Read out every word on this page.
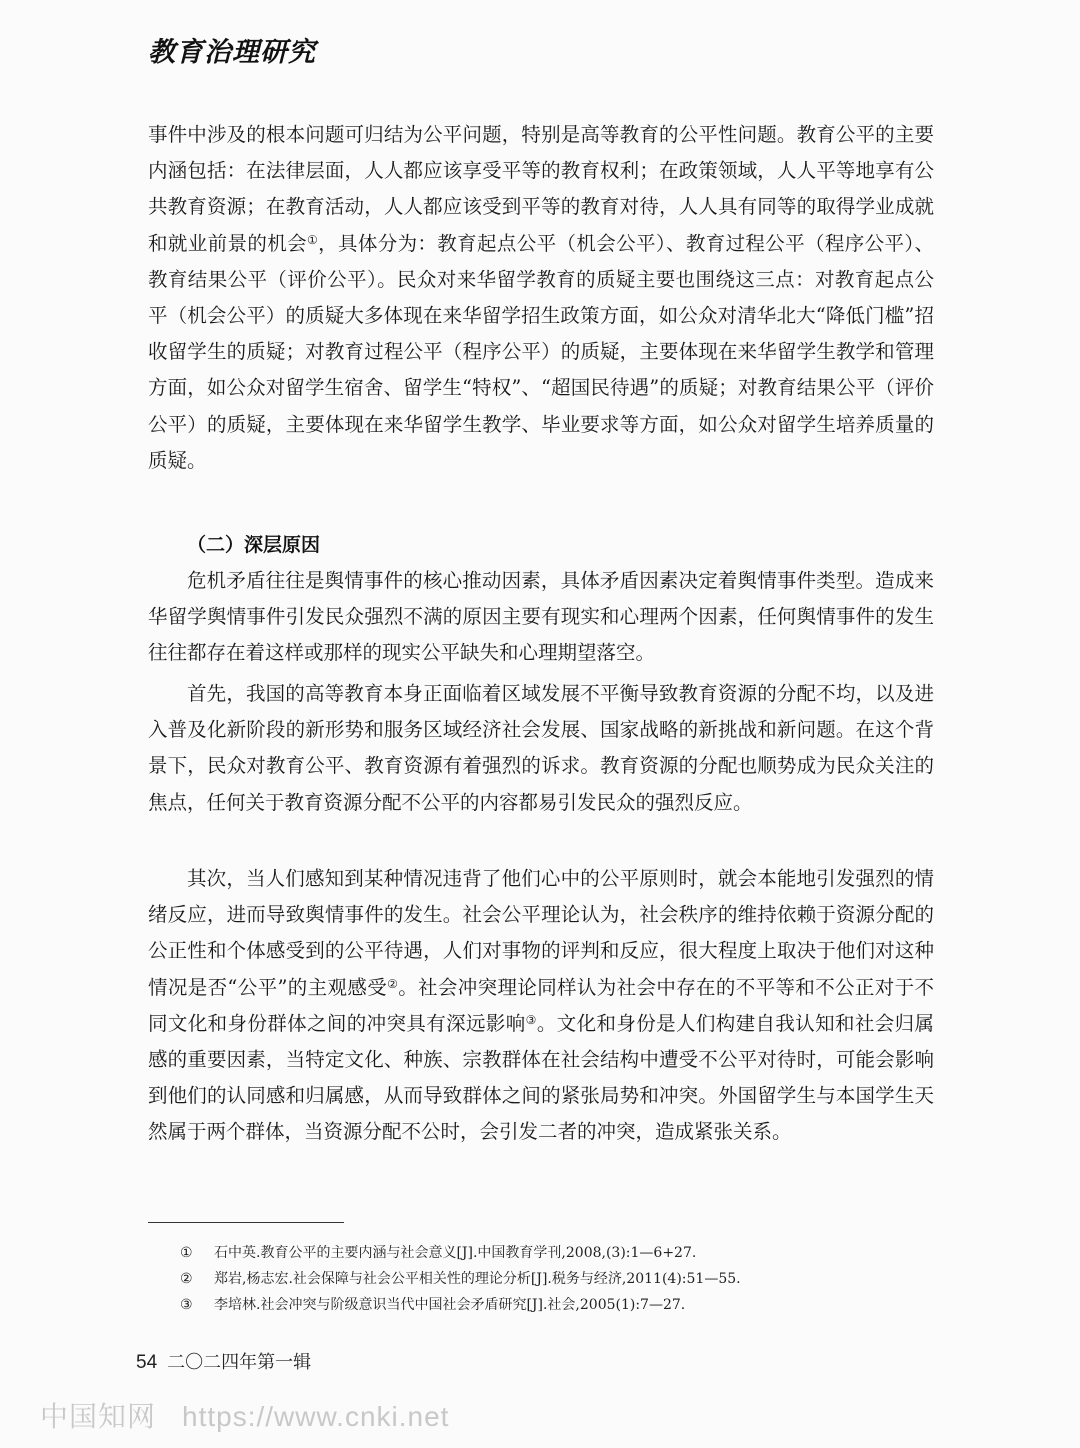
教育治理研究
事件中涉及的根本问题可归结为公平问题，特别是高等教育的公平性问题。教育公平的主要内涵包括：在法律层面，人人都应该享受平等的教育权利；在政策领域，人人平等地享有公共教育资源；在教育活动，人人都应该受到平等的教育对待，人人具有同等的取得学业成就和就业前景的机会①，具体分为：教育起点公平（机会公平）、教育过程公平（程序公平）、教育结果公平（评价公平）。民众对来华留学教育的质疑主要也围绕这三点：对教育起点公平（机会公平）的质疑大多体现在来华留学招生政策方面，如公众对清华北大“降低门槛”招收留学生的质疑；对教育过程公平（程序公平）的质疑，主要体现在来华留学生教学和管理方面，如公众对留学生宿舍、留学生“特权”、“超国民待遇”的质疑；对教育结果公平（评价公平）的质疑，主要体现在来华留学生教学、毕业要求等方面，如公众对留学生培养质量的质疑。
（二）深层原因
危机矛盾往往是舆情事件的核心推动因素，具体矛盾因素决定着舆情事件类型。造成来华留学舆情事件引发民众强烈不满的原因主要有现实和心理两个因素，任何舆情事件的发生往往都存在着这样或那样的现实公平缺失和心理期望落空。
首先，我国的高等教育本身正面临着区域发展不平衡导致教育资源的分配不均，以及进入普及化新阶段的新形势和服务区域经济社会发展、国家战略的新挑战和新问题。在这个背景下，民众对教育公平、教育资源有着强烈的诉求。教育资源的分配也顺势成为民众关注的焦点，任何关于教育资源分配不公平的内容都易引发民众的强烈反应。
其次，当人们感知到某种情况违背了他们心中的公平原则时，就会本能地引发强烈的情绪反应，进而导致舆情事件的发生。社会公平理论认为，社会秩序的维持依赖于资源分配的公正性和个体感受到的公平待遇，人们对事物的评判和反应，很大程度上取决于他们对这种情况是否“公平”的主观感受②。社会冲突理论同样认为社会中存在的不平等和不公正对于不同文化和身份群体之间的冲突具有深远影响③。文化和身份是人们构建自我认知和社会归属感的重要因素，当特定文化、种族、宗教群体在社会结构中遭受不公平对待时，可能会影响到他们的认同感和归属感，从而导致群体之间的紧张局势和冲突。外国留学生与本国学生天然属于两个群体，当资源分配不公时，会引发二者的冲突，造成紧张关系。
①	石中英.教育公平的主要内涵与社会意义[J].中国教育学刊,2008,(3):1—6+27.
②	郑岩,杨志宏.社会保障与社会公平相关性的理论分析[J].税务与经济,2011(4):51—55.
③	李培林.社会冲突与阶级意识当代中国社会矛盾研究[J].社会,2005(1):7—27.
54 二〇二四年第一辑
中国知网 https://www.cnki.net
